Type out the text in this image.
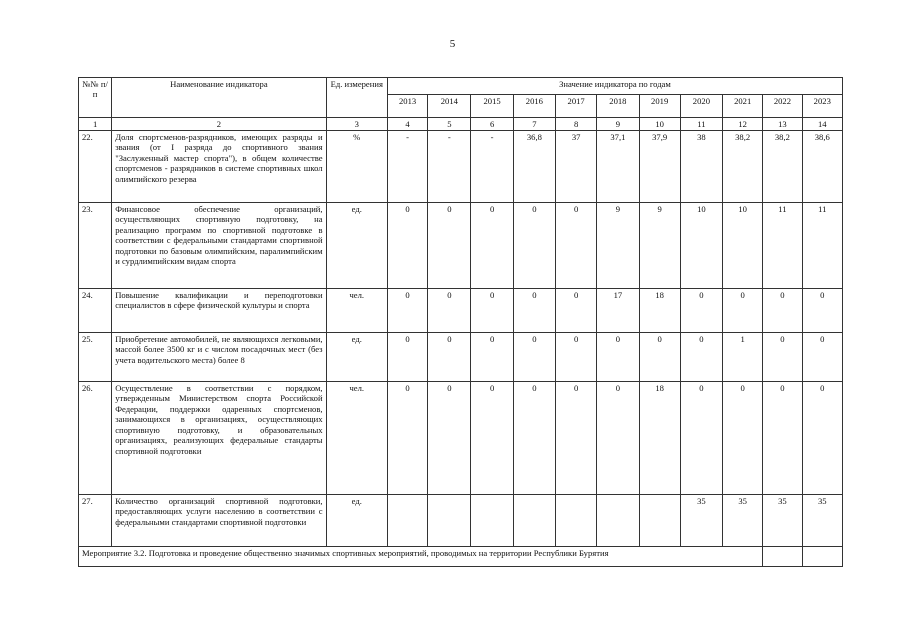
5
№№ п/п	Наименование индикатора	Ед. измерения	Значение индикатора по годам										
			2013	2014	2015	2016	2017	2018	2019	2020	2021	2022	2023
1	2	3	4	5	6	7	8	9	10	11	12	13	14
22.	Доля спортсменов-разрядников, имеющих разряды и звания (от I разряда до спортивного звания "Заслуженный мастер спорта"), в общем количестве спортсменов - разрядников в системе спортивных школ олимпийского резерва	%	-	-	-	36,8	37	37,1	37,9	38	38,2	38,2	38,6
23.	Финансовое обеспечение организаций, осуществляющих спортивную подготовку, на реализацию программ по спортивной подготовке в соответствии с федеральными стандартами спортивной подготовки по базовым олимпийским, паралимпийским и сурдлимпийским видам спорта	ед.	0	0	0	0	0	9	9	10	10	11	11
24.	Повышение квалификации и переподготовки специалистов в сфере физической культуры и спорта	чел.	0	0	0	0	0	17	18	0	0	0	0
25.	Приобретение автомобилей, не являющихся легковыми, массой более 3500 кг и с числом посадочных мест (без учета водительского места) более 8	ед.	0	0	0	0	0	0	0	0	1	0	0
26.	Осуществление в соответствии с порядком, утвержденным Министерством спорта Российской Федерации, поддержки одаренных спортсменов, занимающихся в организациях, осуществляющих спортивную подготовку, и образовательных организациях, реализующих федеральные стандарты спортивной подготовки	чел.	0	0	0	0	0	0	18	0	0	0	0
27.	Количество организаций спортивной подготовки, предоставляющих услуги населению в соответствии с федеральными стандартами спортивной подготовки	ед.								35	35	35	35
Мероприятие 3.2. Подготовка и проведение общественно значимых спортивных мероприятий, проводимых на территории Республики Бурятия													
